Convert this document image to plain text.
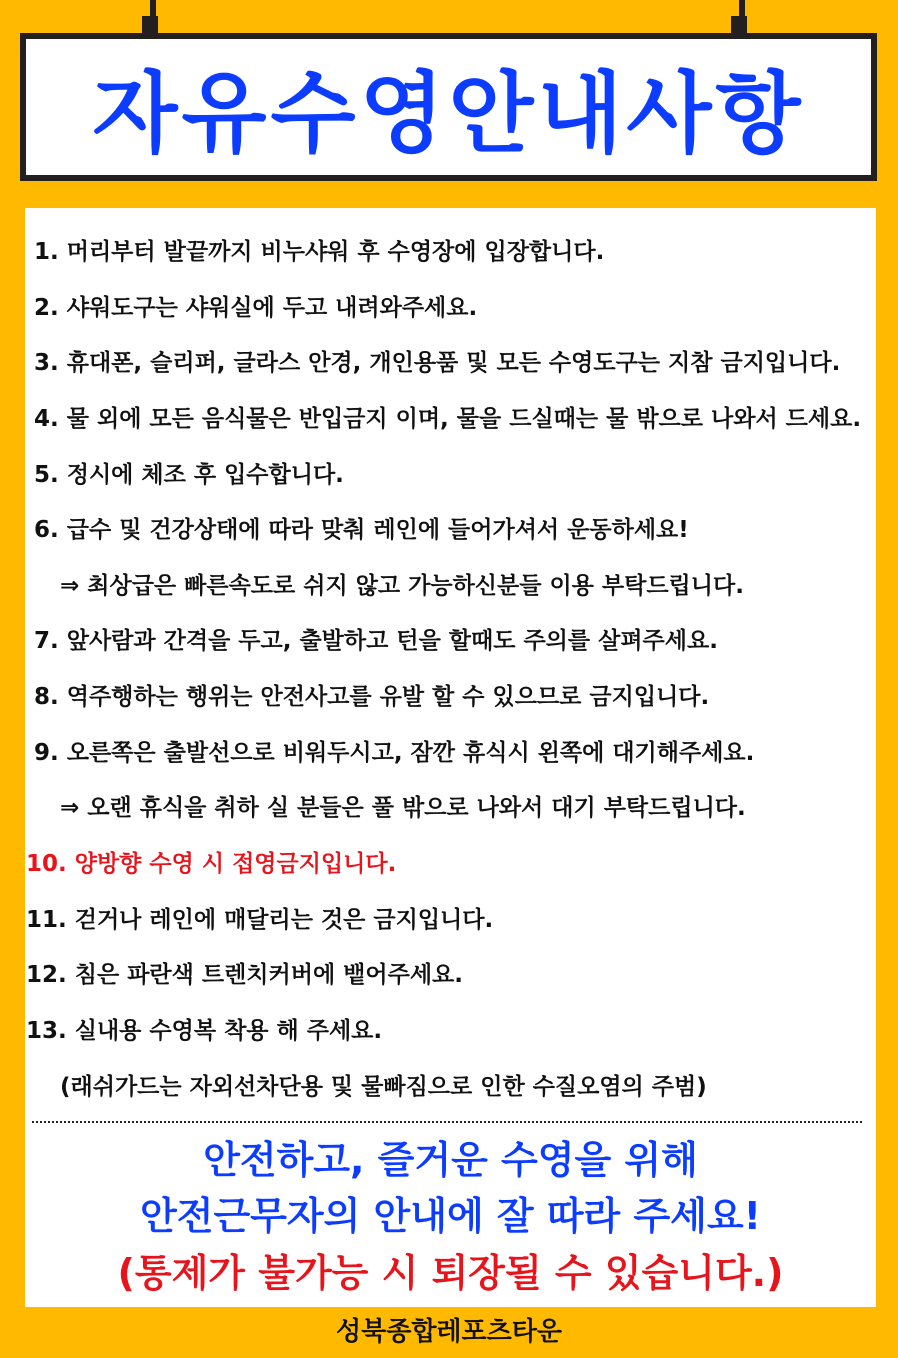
자유수영안내사항
1. 머리부터 발끝까지 비누샤워 후 수영장에 입장합니다.
2. 샤워도구는 샤워실에 두고 내려와주세요.
3. 휴대폰, 슬리퍼, 글라스 안경, 개인용품 및 모든 수영도구는 지참 금지입니다.
4. 물 외에 모든 음식물은 반입금지 이며, 물을 드실때는 물 밖으로 나와서 드세요.
5. 정시에 체조 후 입수합니다.
6. 급수 및 건강상태에 따라 맞춰 레인에 들어가셔서 운동하세요!
⇒ 최상급은 빠른속도로 쉬지 않고 가능하신분들 이용 부탁드립니다.
7. 앞사람과 간격을 두고, 출발하고 턴을 할때도 주의를 살펴주세요.
8. 역주행하는 행위는 안전사고를 유발 할 수 있으므로 금지입니다.
9. 오른쪽은 출발선으로 비워두시고, 잠깐 휴식시 왼쪽에 대기해주세요.
⇒ 오랜 휴식을 취하 실 분들은 풀 밖으로 나와서 대기 부탁드립니다.
10. 양방향 수영 시 접영금지입니다.
11. 걷거나 레인에 매달리는 것은 금지입니다.
12. 침은 파란색 트렌치커버에 뱉어주세요.
13. 실내용 수영복 착용 해 주세요.
(래쉬가드는 자외선차단용 및 물빠짐으로 인한 수질오염의 주범)
안전하고, 즐거운 수영을 위해
안전근무자의 안내에 잘 따라 주세요!
(통제가 불가능 시 퇴장될 수 있습니다.)
성북종합레포츠타운
